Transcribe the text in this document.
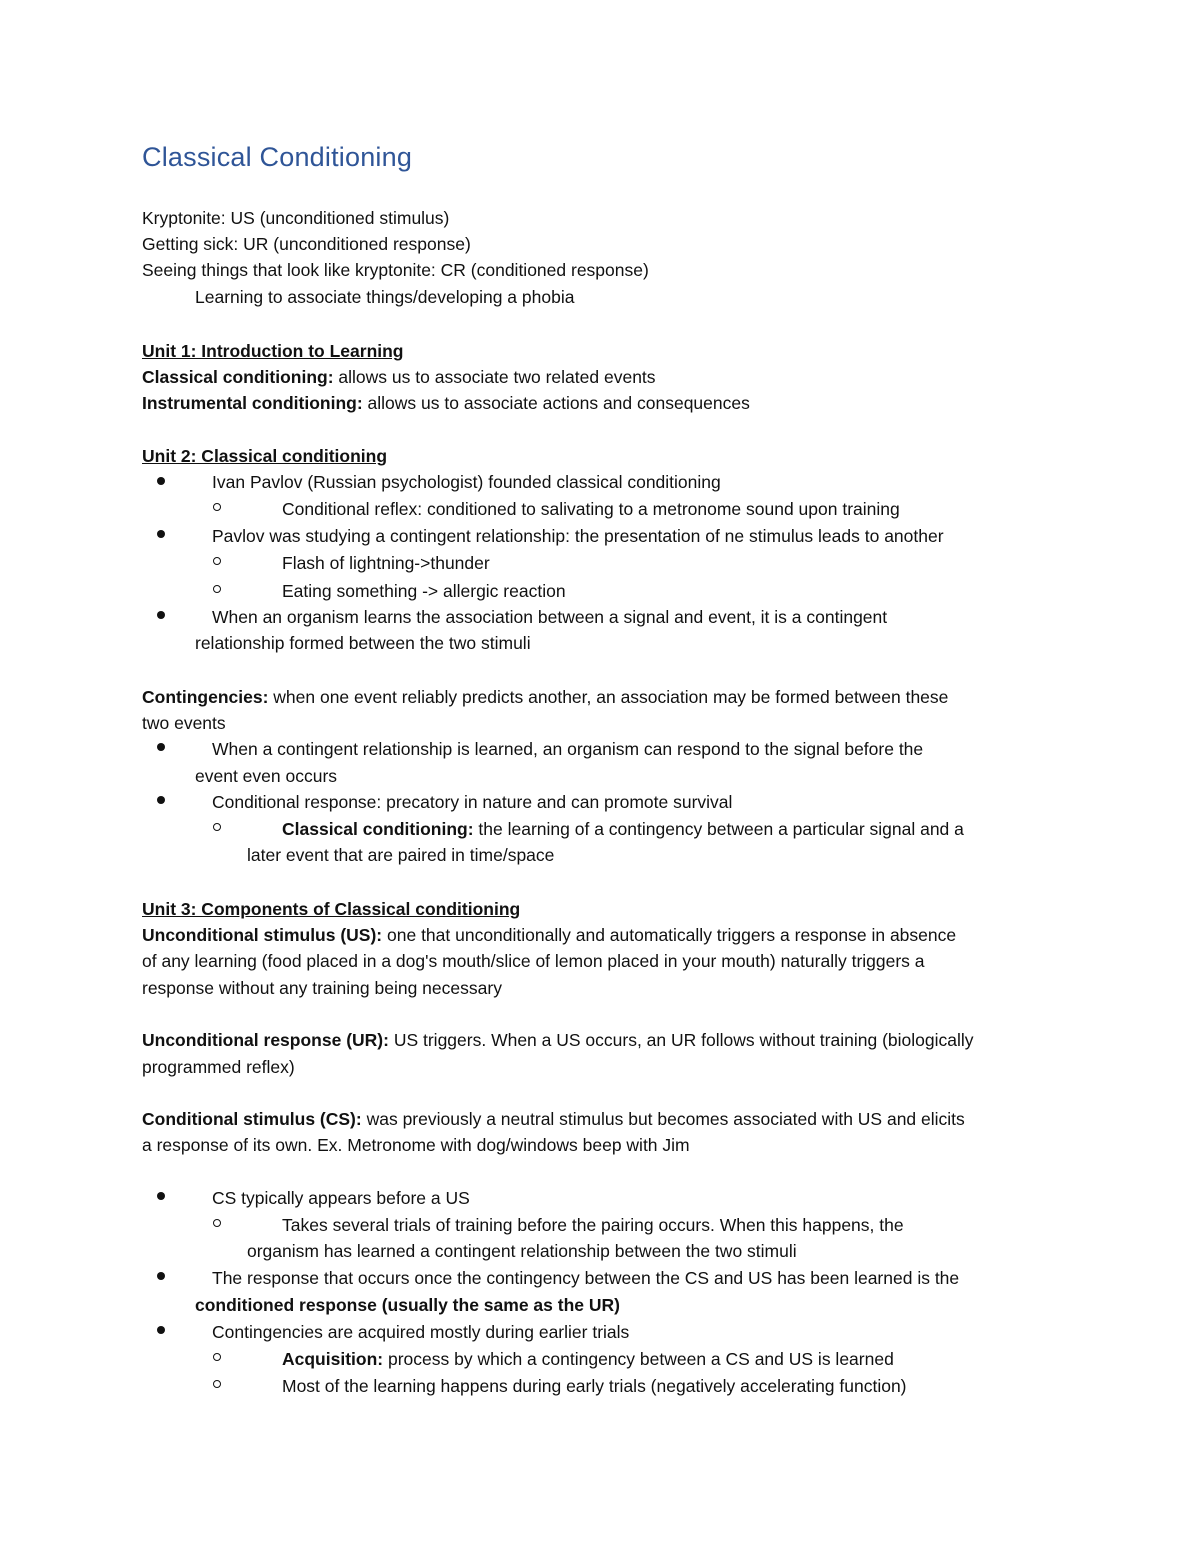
Classical Conditioning
Kryptonite: US (unconditioned stimulus)
Getting sick: UR (unconditioned response)
Seeing things that look like kryptonite: CR (conditioned response)
Learning to associate things/developing a phobia
Unit 1: Introduction to Learning
Classical conditioning: allows us to associate two related events
Instrumental conditioning: allows us to associate actions and consequences
Unit 2: Classical conditioning
Ivan Pavlov (Russian psychologist) founded classical conditioning
Conditional reflex: conditioned to salivating to a metronome sound upon training
Pavlov was studying a contingent relationship: the presentation of ne stimulus leads to another
Flash of lightning->thunder
Eating something -> allergic reaction
When an organism learns the association between a signal and event, it is a contingent
relationship formed between the two stimuli
Contingencies: when one event reliably predicts another, an association may be formed between these
two events
When a contingent relationship is learned, an organism can respond to the signal before the
event even occurs
Conditional response: precatory in nature and can promote survival
Classical conditioning: the learning of a contingency between a particular signal and a
later event that are paired in time/space
Unit 3: Components of Classical conditioning
Unconditional stimulus (US): one that unconditionally and automatically triggers a response in absence
of any learning (food placed in a dog's mouth/slice of lemon placed in your mouth) naturally triggers a
response without any training being necessary
Unconditional response (UR): US triggers. When a US occurs, an UR follows without training (biologically
programmed reflex)
Conditional stimulus (CS): was previously a neutral stimulus but becomes associated with US and elicits
a response of its own. Ex. Metronome with dog/windows beep with Jim
CS typically appears before a US
Takes several trials of training before the pairing occurs. When this happens, the
organism has learned a contingent relationship between the two stimuli
The response that occurs once the contingency between the CS and US has been learned is the
conditioned response (usually the same as the UR)
Contingencies are acquired mostly during earlier trials
Acquisition: process by which a contingency between a CS and US is learned
Most of the learning happens during early trials (negatively accelerating function)
